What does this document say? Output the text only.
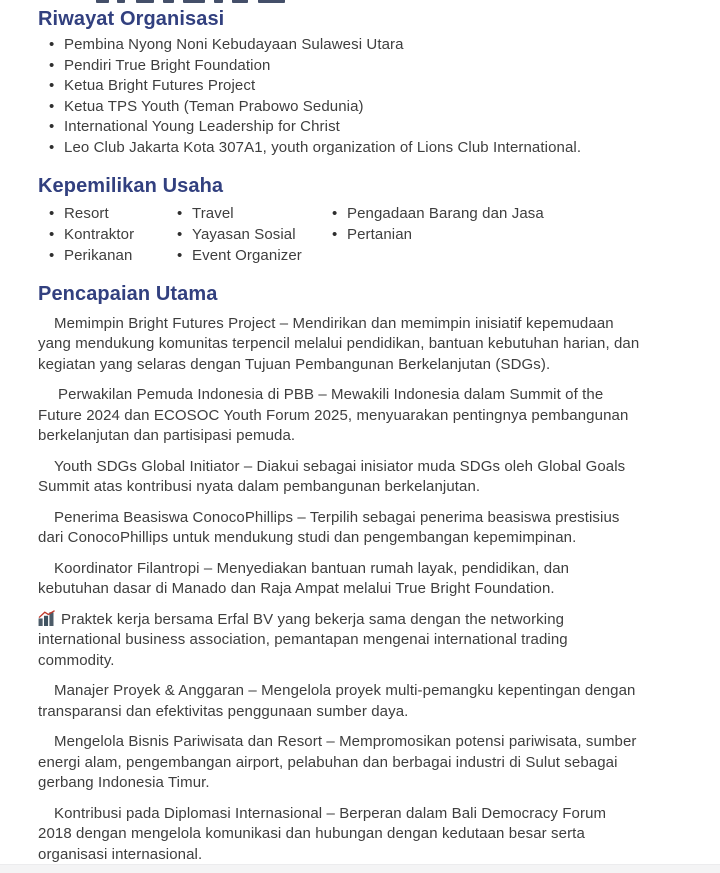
Riwayat Organisasi
• Pembina Nyong Noni Kebudayaan Sulawesi Utara
• Pendiri True Bright Foundation
• Ketua Bright Futures Project
• Ketua TPS Youth (Teman Prabowo Sedunia)
• International Young Leadership for Christ
• Leo Club Jakarta Kota 307A1, youth organization of Lions Club International.
Kepemilikan Usaha
• Resort
• Kontraktor
• Perikanan
• Travel
• Yayasan Sosial
• Event Organizer
• Pengadaan Barang dan Jasa
• Pertanian
Pencapaian Utama

Memimpin Bright Futures Project – Mendirikan dan memimpin inisiatif kepemudaan yang mendukung komunitas terpencil melalui pendidikan, bantuan kebutuhan harian, dan kegiatan yang selaras dengan Tujuan Pembangunan Berkelanjutan (SDGs).

Perwakilan Pemuda Indonesia di PBB – Mewakili Indonesia dalam Summit of the Future 2024 dan ECOSOC Youth Forum 2025, menyuarakan pentingnya pembangunan berkelanjutan dan partisipasi pemuda.

Youth SDGs Global Initiator – Diakui sebagai inisiator muda SDGs oleh Global Goals Summit atas kontribusi nyata dalam pembangunan berkelanjutan.

Penerima Beasiswa ConocoPhillips – Terpilih sebagai penerima beasiswa prestisius dari ConocoPhillips untuk mendukung studi dan pengembangan kepemimpinan.

Koordinator Filantropi – Menyediakan bantuan rumah layak, pendidikan, dan kebutuhan dasar di Manado dan Raja Ampat melalui True Bright Foundation.

Praktek kerja bersama Erfal BV yang bekerja sama dengan the networking international business association, pemantapan mengenai international trading commodity.

Manajer Proyek & Anggaran – Mengelola proyek multi-pemangku kepentingan dengan transparansi dan efektivitas penggunaan sumber daya.

Mengelola Bisnis Pariwisata dan Resort – Mempromosikan potensi pariwisata, sumber energi alam, pengembangan airport, pelabuhan dan berbagai industri di Sulut sebagai gerbang Indonesia Timur.

Kontribusi pada Diplomasi Internasional – Berperan dalam Bali Democracy Forum 2018 dengan mengelola komunikasi dan hubungan dengan kedutaan besar serta organisasi internasional.
